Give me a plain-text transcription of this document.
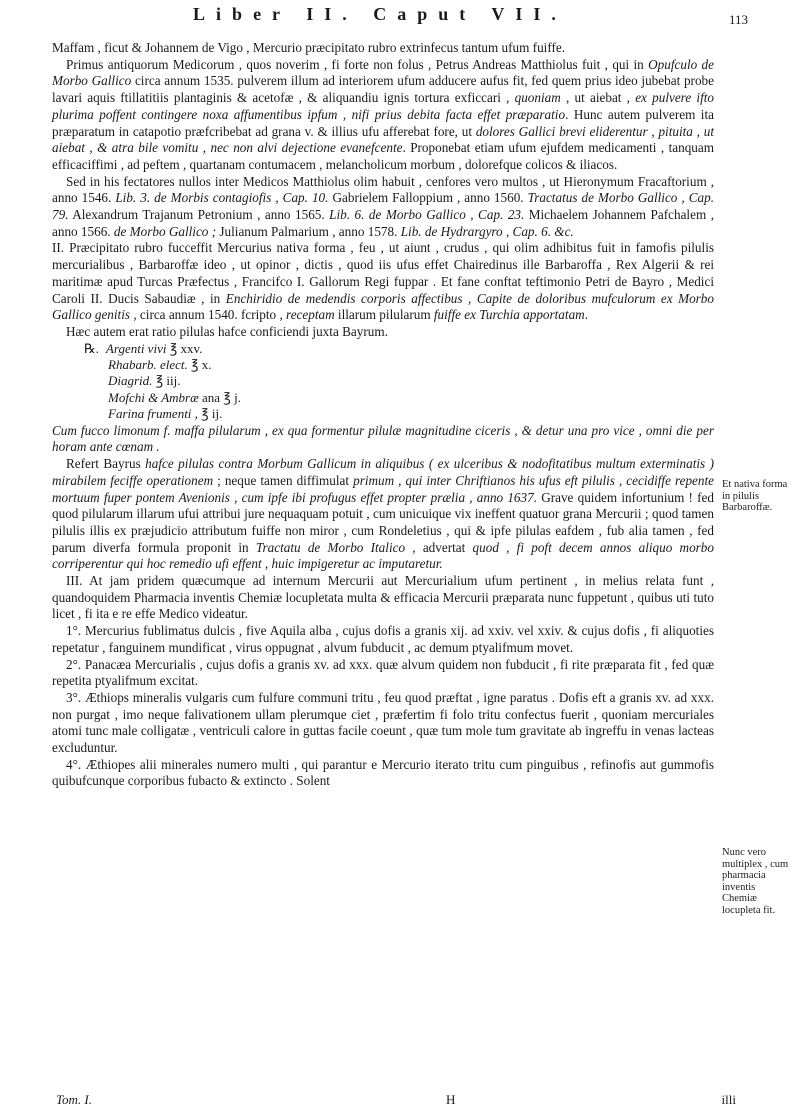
Liber II. Caput VII.	113

Maffam , ficut & Johannem de Vigo , Mercurio præcipitato rubro extrinfecus tantum ufum fuiffe.

Primus antiquorum Medicorum , quos noverim , fi forte non folus , Petrus Andreas Matthiolus fuit , qui in Opufculo de Morbo Gallico circa annum 1535. pulverem illum ad interiorem ufum adducere aufus fit, fed quem prius ideo jubebat probe lavari aquis ftillatitiis plantaginis & acetofæ , & aliquandiu ignis tortura exficcari , quoniam , ut aiebat , ex pulvere ifto plurima poffent contingere noxa affumentibus ipfum , nifi prius debita facta effet præparatio. Hunc autem pulverem ita præparatum in catapotio præfcribebat ad grana v. & illius ufu afferebat fore, ut dolores Gallici brevi eliderentur , pituita , ut aiebat , & atra bile vomitu , nec non alvi dejectione evanefcente. Proponebat etiam ufum ejufdem medicamenti , tanquam efficaciffimi , ad peftem , quartanam contumacem , melancholicum morbum , dolorefque colicos & iliacos.

Sed in his fectatores nullos inter Medicos Matthiolus olim habuit , cenfores vero multos , ut Hieronymum Fracaftorium , anno 1546. Lib. 3. de Morbis contagiofis , Cap. 10. Gabrielem Falloppium , anno 1560. Tractatus de Morbo Gallico , Cap. 79. Alexandrum Trajanum Petronium , anno 1565. Lib. 6. de Morbo Gallico , Cap. 23. Michaelem Johannem Pafchalem , anno 1566. de Morbo Gallico ; Julianum Palmarium , anno 1578. Lib. de Hydrargyro , Cap. 6. &c.

II. Præcipitato rubro fucceffit Mercurius nativa forma , feu , ut aiunt , crudus , qui olim adhibitus fuit in famofis pilulis mercurialibus , Barbaroffæ ideo , ut opinor , dictis , quod iis ufus effet Chairedinus ille Barbaroffa , Rex Algerii & rei maritimæ apud Turcas Præfectus , Francifco I. Gallorum Regi fuppar . Et fane conftat teftimonio Petri de Bayro , Medici Caroli II. Ducis Sabaudiæ , in Enchiridio de medendis corporis affectibus , Capite de doloribus mufculorum ex Morbo Gallico genitis , circa annum 1540. fcripto , receptam illarum pilularum fuiffe ex Turchia apportatam.

Hæc autem erat ratio pilulas hafce conficiendi juxta Bayrum.

℞. Argenti vivi ℥ xxv.
Rhabarb. elect. ℥ x.
Diagrid. ℥ iij.
Mofchi & Ambræ ana ℥ j.
Farina frumenti , ℥ ij.

Cum fucco limonum f. maffa pilularum , ex qua formentur pilulæ magnitudine ciceris , & detur una pro vice , omni die per horam ante cœnam .

Refert Bayrus hafce pilulas contra Morbum Gallicum in aliquibus ( ex ulceribus & nodofitatibus multum exterminatis ) mirabilem feciffe operationem ; neque tamen diffimulat primum , qui inter Chriftianos his ufus eft pilulis , cecidiffe repente mortuum fuper pontem Avenionis , cum ipfe ibi profugus effet propter prælia , anno 1637. Grave quidem infortunium ! fed quod pilularum illarum ufui attribui jure nequaquam potuit , cum unicuique vix ineffent quatuor grana Mercurii ; quod tamen pilulis illis ex præjudicio attributum fuiffe non miror , cum Rondeletius , qui & ipfe pilulas eafdem , fub alia tamen , fed parum diverfa formula proponit in Tractatu de Morbo Italico , advertat quod , fi poft decem annos aliquo morbo corriperentur qui hoc remedio ufi effent , huic impigeretur ac imputaretur.

III. At jam pridem quæcumque ad internum Mercurii aut Mercurialium ufum pertinent , in melius relata funt , quandoquidem Pharmacia inventis Chemiæ locupletata multa & efficacia Mercurii præparata nunc fuppetunt , quibus uti tuto licet , fi ita e re effe Medico videatur.

1°. Mercurius fublimatus dulcis , five Aquila alba , cujus dofis a granis xij. ad xxiv. vel xxiv. & cujus dofis , fi aliquoties repetatur , fanguinem mundificat , virus oppugnat , alvum fubducit , ac demum ptyalifmum movet.

2°. Panacæa Mercurialis , cujus dofis a granis xv. ad xxx. quæ alvum quidem non fubducit , fi rite præparata fit , fed quæ repetita ptyalifmum excitat.

3°. Æthiops mineralis vulgaris cum fulfure communi tritu , feu quod præftat , igne paratus . Dofis eft a granis xv. ad xxx. non purgat , imo neque falivationem ullam plerumque ciet , præfertim fi folo tritu confectus fuerit , quoniam mercuriales atomi tunc male colligatæ , ventriculi calore in guttas facile coeunt , quæ tum mole tum gravitate ab ingreffu in venas lacteas excluduntur.

4°. Æthiopes alii minerales numero multi , qui parantur e Mercurio iterato tritu cum pinguibus , refinofis aut gummofis quibufcunque corporibus fubacto & extincto . Solent

Et nativa forma in pilulis Barbaroffæ.
Nunc vero multiplex , cum pharmacia inventis Chemiæ locupleta fit.
Tom. I.	H	illi
